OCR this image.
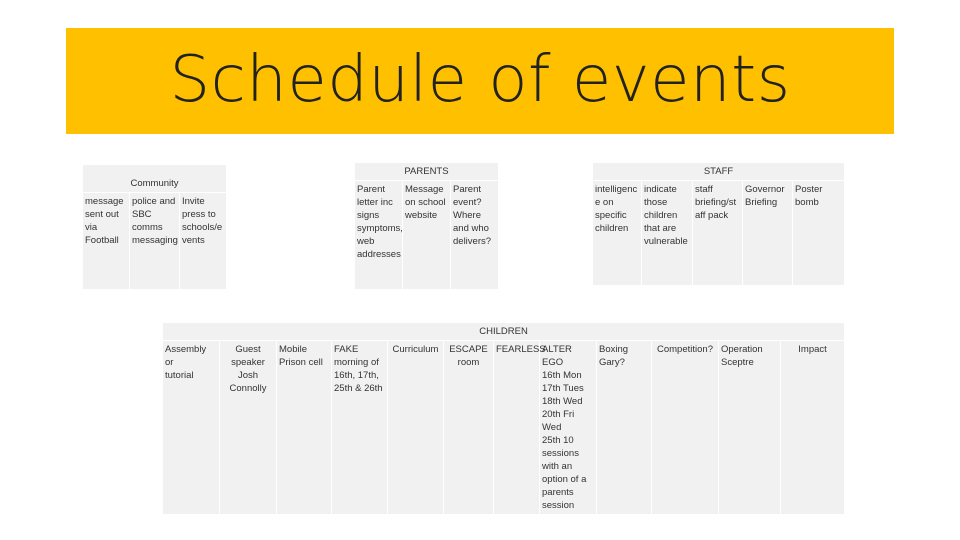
Schedule of events
Community
message
sent out
via
Football	police and
SBC
comms
messaging	Invite
press to
schools/e
vents
PARENTS
Parent
letter inc
signs
symptoms,
web
addresses	Message
on school
website	Parent
event?
Where
and who
delivers?
STAFF
intelligenc
e on
specific
children	indicate
those
children
that are
vulnerable	staff
briefing/st
aff pack	Governor
Briefing	Poster
bomb
CHILDREN
Assembly or
tutorial	Guest
speaker
Josh
Connolly	Mobile
Prison cell	FAKE
morning of
16th, 17th,
25th & 26th	Curriculum	ESCAPE
room	FEARLESS	ALTER EGO
16th Mon
17th Tues
18th Wed
20th Fri Wed
25th 10
sessions
with an
option of a
parents
session	Boxing
Gary?	Competition?	Operation
Sceptre	Impact
